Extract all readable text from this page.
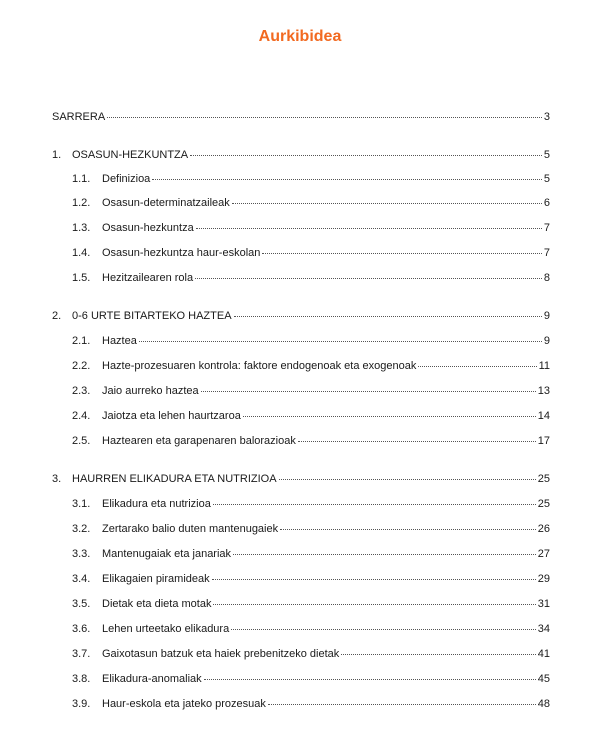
Aurkibidea
SARRERA	3
1. OSASUN-HEZKUNTZA	5
1.1.	Definizioa	5
1.2.	Osasun-determinatzaileak	6
1.3.	Osasun-hezkuntza	7
1.4.	Osasun-hezkuntza haur-eskolan	7
1.5.	Hezitzailearen rola	8
2. 0-6 URTE BITARTEKO HAZTEA	9
2.1.	Haztea	9
2.2.	Hazte-prozesuaren kontrola: faktore endogenoak eta exogenoak	11
2.3.	Jaio aurreko haztea	13
2.4.	Jaiotza eta lehen haurtzaroa	14
2.5.	Haztearen eta garapenaren balorazioak	17
3. HAURREN ELIKADURA ETA NUTRIZIOA	25
3.1.	Elikadura eta nutrizioa	25
3.2.	Zertarako balio duten mantenugaiek	26
3.3.	Mantenugaiak eta janariak	27
3.4.	Elikagaien piramideak	29
3.5.	Dietak eta dieta motak	31
3.6.	Lehen urteetako elikadura	34
3.7.	Gaixotasun batzuk eta haiek prebenitzeko dietak	41
3.8.	Elikadura-anomaliak	45
3.9.	Haur-eskola eta jateko prozesuak	48
